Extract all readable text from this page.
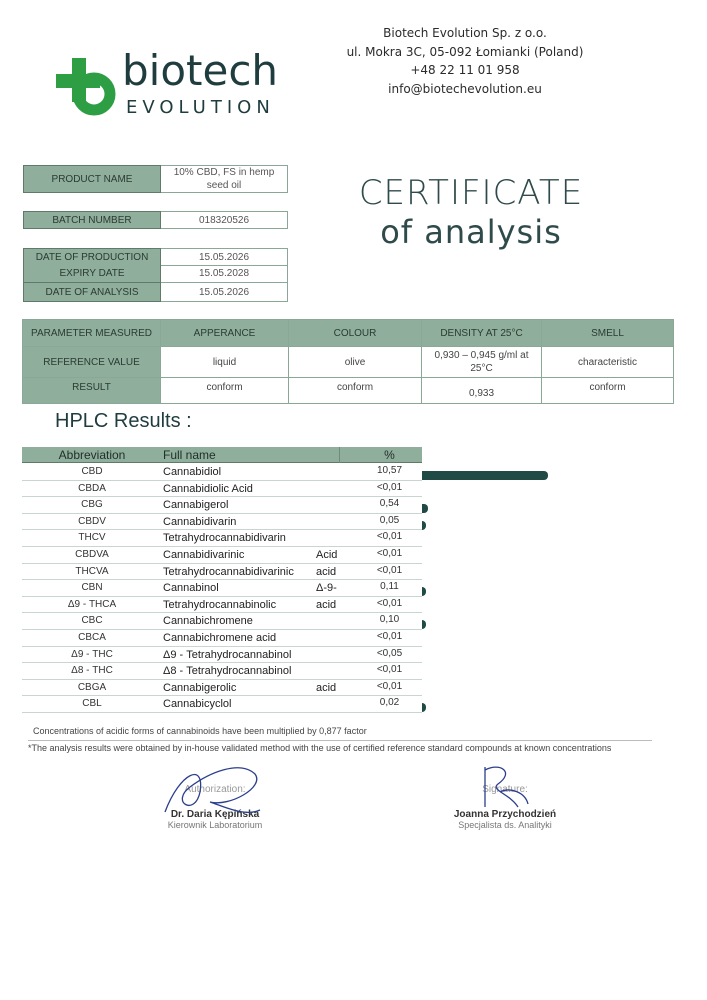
biotech
EVOLUTION
Biotech Evolution Sp. z o.o.
ul. Mokra 3C, 05-092 Łomianki (Poland)
+48 22 11 01 958
info@biotechevolution.eu
PRODUCT NAME
10% CBD, FS in hemp
seed oil
BATCH NUMBER	018320526
DATE OF PRODUCTION	15.05.2026
EXPIRY DATE	15.05.2028
DATE OF ANALYSIS	15.05.2026
CERTIFICATE
of analysis
PARAMETER MEASURED	APPERANCE	COLOUR	DENSITY AT 25°C	SMELL
REFERENCE VALUE	liquid	olive	0,930 – 0,945 g/ml at 25°C	characteristic
RESULT	conform	conform	0,933	conform
HPLC Results :
Abbreviation	Full name	%
CBD	Cannabidiol	10,57
CBDA	Cannabidiolic Acid	<0,01
CBG	Cannabigerol	0,54
CBDV	Cannabidivarin	0,05
THCV	Tetrahydrocannabidivarin	<0,01
CBDVA	Cannabidivarinic	Acid	<0,01
THCVA	Tetrahydrocannabidivarinic	acid	<0,01
CBN	Cannabinol	Δ-9-	0,11
Δ9 - THCA	Tetrahydrocannabinolic	acid	<0,01
CBC	Cannabichromene	0,10
CBCA	Cannabichromene acid	<0,01
Δ9 - THC	Δ9 - Tetrahydrocannabinol	<0,05
Δ8 - THC	Δ8 - Tetrahydrocannabinol	<0,01
CBGA	Cannabigerolic	acid	<0,01
CBL	Cannabicyclol	0,02
Concentrations of acidic forms of cannabinoids have been multiplied by 0,877 factor
*The analysis results were obtained by in-house validated method with the use of certified reference standard compounds at known concentrations
Authorization:
Dr. Daria Kępińska
Kierownik Laboratorium
Signature:
Joanna Przychodzień
Specjalista ds. Analityki
